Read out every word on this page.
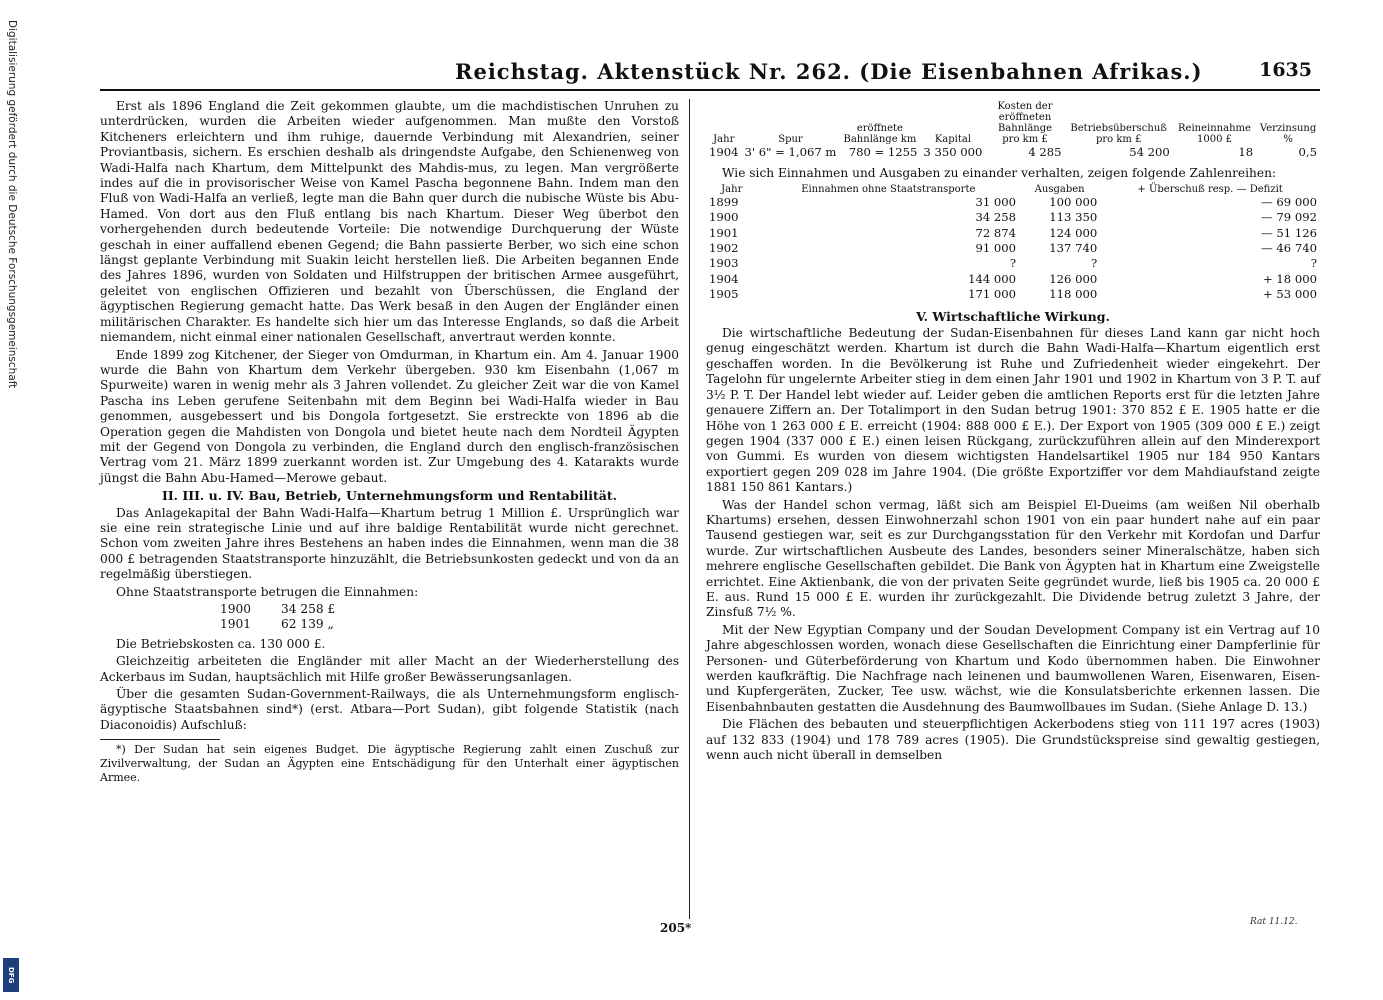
Digitalisierung gefördert durch die Deutsche Forschungsgemeinschaft
DFG
Reichstag. Aktenstück Nr. 262. (Die Eisenbahnen Afrikas.)	1635

Erst als 1896 England die Zeit gekommen glaubte, um die machdistischen Unruhen zu unterdrücken, wurden die Arbeiten wieder aufgenommen. Man mußte den Vorstoß Kitcheners erleichtern und ihm ruhige, dauernde Verbindung mit Alexandrien, seiner Proviantbasis, sichern. Es erschien deshalb als dringendste Aufgabe, den Schienenweg von Wadi-Halfa nach Khartum, dem Mittelpunkt des Mahdis-mus, zu legen. Man vergrößerte indes auf die in provisorischer Weise von Kamel Pascha begonnene Bahn. Indem man den Fluß von Wadi-Halfa an verließ, legte man die Bahn quer durch die nubische Wüste bis Abu-Hamed. Von dort aus den Fluß entlang bis nach Khartum. Dieser Weg überbot den vorhergehenden durch bedeutende Vorteile: Die notwendige Durchquerung der Wüste geschah in einer auffallend ebenen Gegend; die Bahn passierte Berber, wo sich eine schon längst geplante Verbindung mit Suakin leicht herstellen ließ. Die Arbeiten begannen Ende des Jahres 1896, wurden von Soldaten und Hilfstruppen der britischen Armee ausgeführt, geleitet von englischen Offizieren und bezahlt von Überschüssen, die England der ägyptischen Regierung gemacht hatte. Das Werk besaß in den Augen der Engländer einen militärischen Charakter. Es handelte sich hier um das Interesse Englands, so daß die Arbeit niemandem, nicht einmal einer nationalen Gesellschaft, anvertraut werden konnte.

Ende 1899 zog Kitchener, der Sieger von Omdurman, in Khartum ein. Am 4. Januar 1900 wurde die Bahn von Khartum dem Verkehr übergeben. 930 km Eisenbahn (1,067 m Spurweite) waren in wenig mehr als 3 Jahren vollendet. Zu gleicher Zeit war die von Kamel Pascha ins Leben gerufene Seitenbahn mit dem Beginn bei Wadi-Halfa wieder in Bau genommen, ausgebessert und bis Dongola fortgesetzt. Sie erstreckte von 1896 ab die Operation gegen die Mahdisten von Dongola und bietet heute nach dem Nordteil Ägypten mit der Gegend von Dongola zu verbinden, die England durch den englisch-französischen Vertrag vom 21. März 1899 zuerkannt worden ist. Zur Umgebung des 4. Katarakts wurde jüngst die Bahn Abu-Hamed—Merowe gebaut.

II. III. u. IV. Bau, Betrieb, Unternehmungsform und Rentabilität.

Das Anlagekapital der Bahn Wadi-Halfa—Khartum betrug 1 Million £. Ursprünglich war sie eine rein strategische Linie und auf ihre baldige Rentabilität wurde nicht gerechnet. Schon vom zweiten Jahre ihres Bestehens an haben indes die Einnahmen, wenn man die 38 000 £ betragenden Staatstransporte hinzuzählt, die Betriebsunkosten gedeckt und von da an regelmäßig überstiegen.

Ohne Staatstransporte betrugen die Einnahmen:

1900 34 258 £
1901 62 139 „

Die Betriebskosten ca. 130 000 £.

Gleichzeitig arbeiteten die Engländer mit aller Macht an der Wiederherstellung des Ackerbaus im Sudan, hauptsächlich mit Hilfe großer Bewässerungsanlagen.

Über die gesamten Sudan-Government-Railways, die als Unternehmungsform englisch-ägyptische Staatsbahnen sind*) (erst. Atbara—Port Sudan), gibt folgende Statistik (nach Diaconoidis) Aufschluß:

*) Der Sudan hat sein eigenes Budget. Die ägyptische Regierung zahlt einen Zuschuß zur Zivilverwaltung, der Sudan an Ägypten eine Entschädigung für den Unterhalt einer ägyptischen Armee.

Jahr	Spur	eröffnete Bahnlänge km	Kapital	Kosten der eröffneten Bahnlänge pro km £	Betriebsüberschuß pro km £	Reineinnahme 1000 £	Verzinsung %
1904	3' 6" = 1,067 m	780 = 1255	3 350 000	4 285	54 200	18	0,5

Wie sich Einnahmen und Ausgaben zu einander verhalten, zeigen folgende Zahlenreihen:

Jahr	Einnahmen ohne Staatstransporte	Ausgaben	+ Überschuß resp. — Defizit
1899	31 000	100 000	— 69 000
1900	34 258	113 350	— 79 092
1901	72 874	124 000	— 51 126
1902	91 000	137 740	— 46 740
1903	?	?	?
1904	144 000	126 000	+ 18 000
1905	171 000	118 000	+ 53 000

V. Wirtschaftliche Wirkung.

Die wirtschaftliche Bedeutung der Sudan-Eisenbahnen für dieses Land kann gar nicht hoch genug eingeschätzt werden. Khartum ist durch die Bahn Wadi-Halfa—Khartum eigentlich erst geschaffen worden. In die Bevölkerung ist Ruhe und Zufriedenheit wieder eingekehrt. Der Tagelohn für ungelernte Arbeiter stieg in dem einen Jahr 1901 und 1902 in Khartum von 3 P. T. auf 3½ P. T. Der Handel lebt wieder auf. Leider geben die amtlichen Reports erst für die letzten Jahre genauere Ziffern an. Der Totalimport in den Sudan betrug 1901: 370 852 £ E. 1905 hatte er die Höhe von 1 263 000 £ E. erreicht (1904: 888 000 £ E.). Der Export von 1905 (309 000 £ E.) zeigt gegen 1904 (337 000 £ E.) einen leisen Rückgang, zurückzuführen allein auf den Minderexport von Gummi. Es wurden von diesem wichtigsten Handelsartikel 1905 nur 184 950 Kantars exportiert gegen 209 028 im Jahre 1904. (Die größte Exportziffer vor dem Mahdiaufstand zeigte 1881 150 861 Kantars.)

Was der Handel schon vermag, läßt sich am Beispiel El-Dueims (am weißen Nil oberhalb Khartums) ersehen, dessen Einwohnerzahl schon 1901 von ein paar hundert nahe auf ein paar Tausend gestiegen war, seit es zur Durchgangsstation für den Verkehr mit Kordofan und Darfur wurde. Zur wirtschaftlichen Ausbeute des Landes, besonders seiner Mineralschätze, haben sich mehrere englische Gesellschaften gebildet. Die Bank von Ägypten hat in Khartum eine Zweigstelle errichtet. Eine Aktienbank, die von der privaten Seite gegründet wurde, ließ bis 1905 ca. 20 000 £ E. aus. Rund 15 000 £ E. wurden ihr zurückgezahlt. Die Dividende betrug zuletzt 3 Jahre, der Zinsfuß 7½ %.

Mit der New Egyptian Company und der Soudan Development Company ist ein Vertrag auf 10 Jahre abgeschlossen worden, wonach diese Gesellschaften die Einrichtung einer Dampferlinie für Personen- und Güterbeförderung von Khartum und Kodo übernommen haben. Die Einwohner werden kaufkräftig. Die Nachfrage nach leinenen und baumwollenen Waren, Eisenwaren, Eisen- und Kupfergeräten, Zucker, Tee usw. wächst, wie die Konsulatsberichte erkennen lassen. Die Eisenbahnbauten gestatten die Ausdehnung des Baumwollbaues im Sudan. (Siehe Anlage D. 13.)

Die Flächen des bebauten und steuerpflichtigen Ackerbodens stieg von 111 197 acres (1903) auf 132 833 (1904) und 178 789 acres (1905). Die Grundstückspreise sind gewaltig gestiegen, wenn auch nicht überall in demselben

205*	Rat 11.12.
